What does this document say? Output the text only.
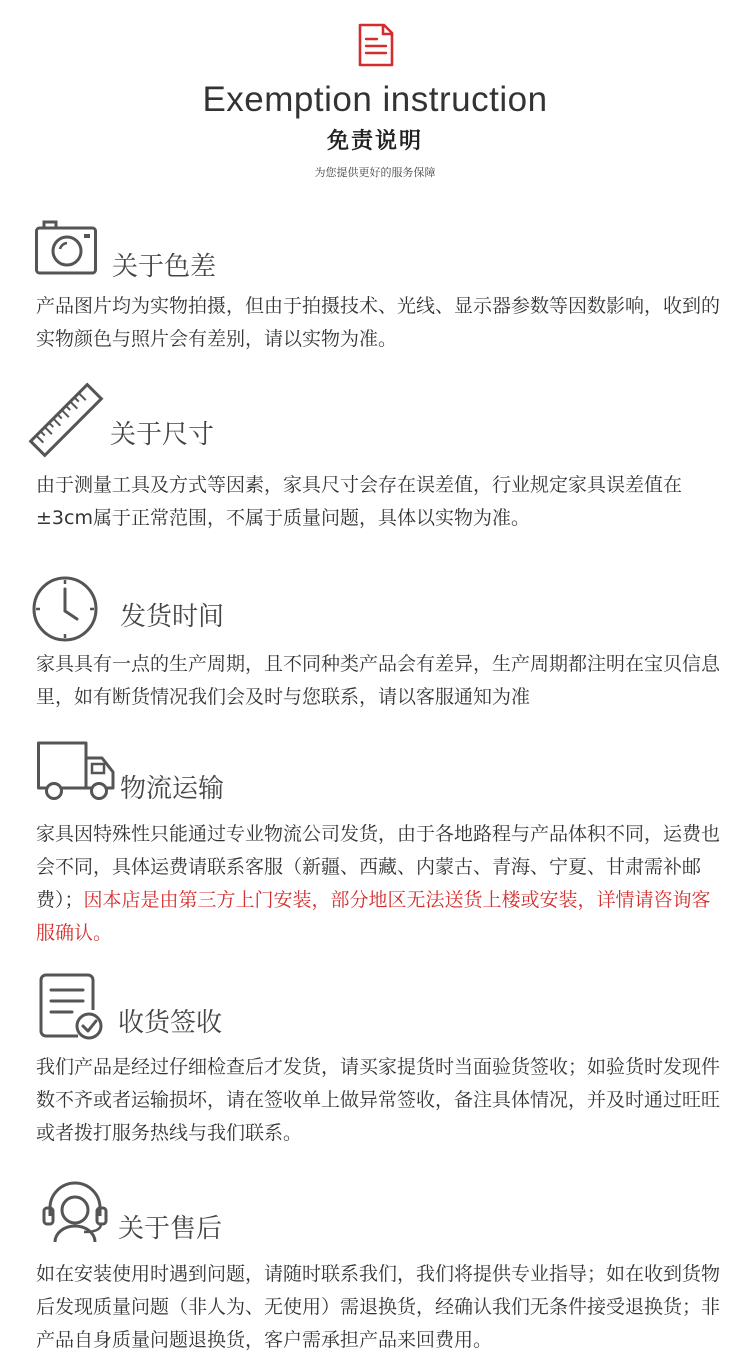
Exemption instruction
免责说明
为您提供更好的服务保障
关于色差
产品图片均为实物拍摄，但由于拍摄技术、光线、显示器参数等因数影响，收到的实物颜色与照片会有差别，请以实物为准。
关于尺寸
由于测量工具及方式等因素，家具尺寸会存在误差值，行业规定家具误差值在±3cm属于正常范围，不属于质量问题，具体以实物为准。
发货时间
家具具有一点的生产周期，且不同种类产品会有差异，生产周期都注明在宝贝信息里，如有断货情况我们会及时与您联系，请以客服通知为准
物流运输
家具因特殊性只能通过专业物流公司发货，由于各地路程与产品体积不同，运费也会不同，具体运费请联系客服（新疆、西藏、内蒙古、青海、宁夏、甘肃需补邮费）；因本店是由第三方上门安装，部分地区无法送货上楼或安装，详情请咨询客服确认。
收货签收
我们产品是经过仔细检查后才发货，请买家提货时当面验货签收；如验货时发现件数不齐或者运输损坏，请在签收单上做异常签收，备注具体情况，并及时通过旺旺或者拨打服务热线与我们联系。
关于售后
如在安装使用时遇到问题，请随时联系我们，我们将提供专业指导；如在收到货物后发现质量问题（非人为、无使用）需退换货，经确认我们无条件接受退换货；非产品自身质量问题退换货，客户需承担产品来回费用。
